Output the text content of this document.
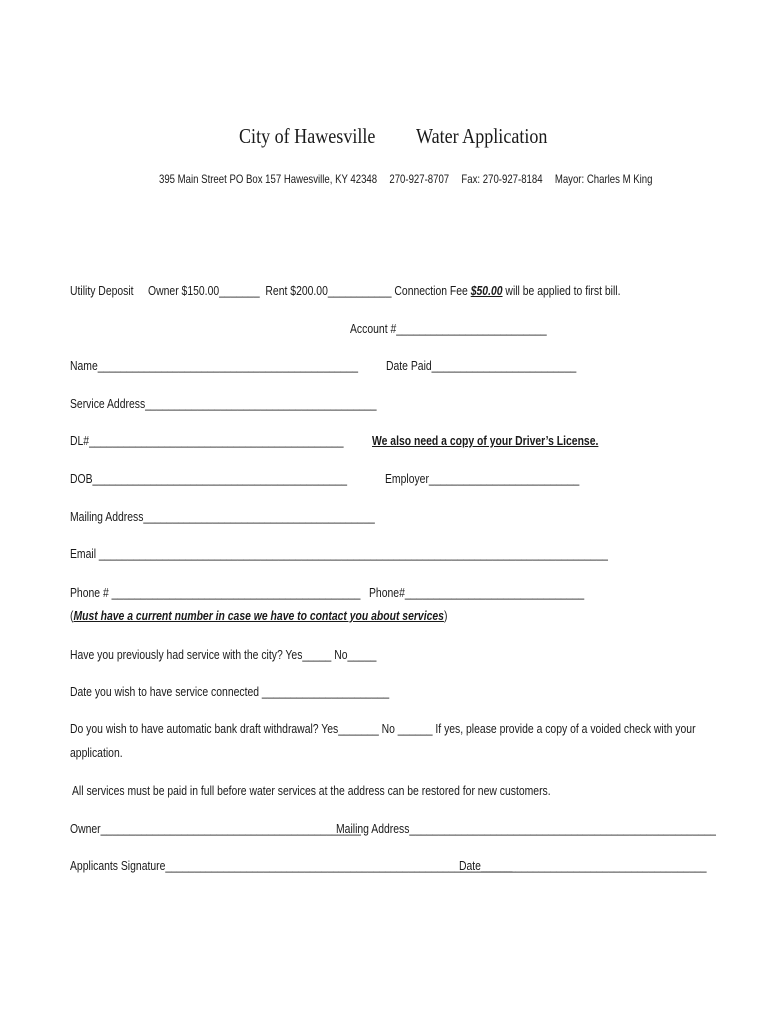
City of Hawesville Water Application
395 Main Street PO Box 157 Hawesville, KY 42348 270-927-8707 Fax: 270-927-8184 Mayor: Charles M King
Utility Deposit Owner $150.00_______ Rent $200.00___________ Connection Fee $50.00 will be applied to first bill.
Account #__________________________
Name_____________________________________________ Date Paid_________________________
Service Address________________________________________
DL#____________________________________________ We also need a copy of your Driver’s License.
DOB____________________________________________	Employer__________________________
Mailing Address________________________________________
Email ________________________________________________________________________________________
Phone # ___________________________________________ Phone#_______________________________
(Must have a current number in case we have to contact you about services)
Have you previously had service with the city? Yes_____ No_____
Date you wish to have service connected ______________________
Do you wish to have automatic bank draft withdrawal? Yes_______ No ______ If yes, please provide a copy of a voided check with your
application.
All services must be paid in full before water services at the address can be restored for new customers.
Owner_____________________________________________
Mailing Address_____________________________________________________
Applicants Signature____________________________________________________________
Date_______________________________________
